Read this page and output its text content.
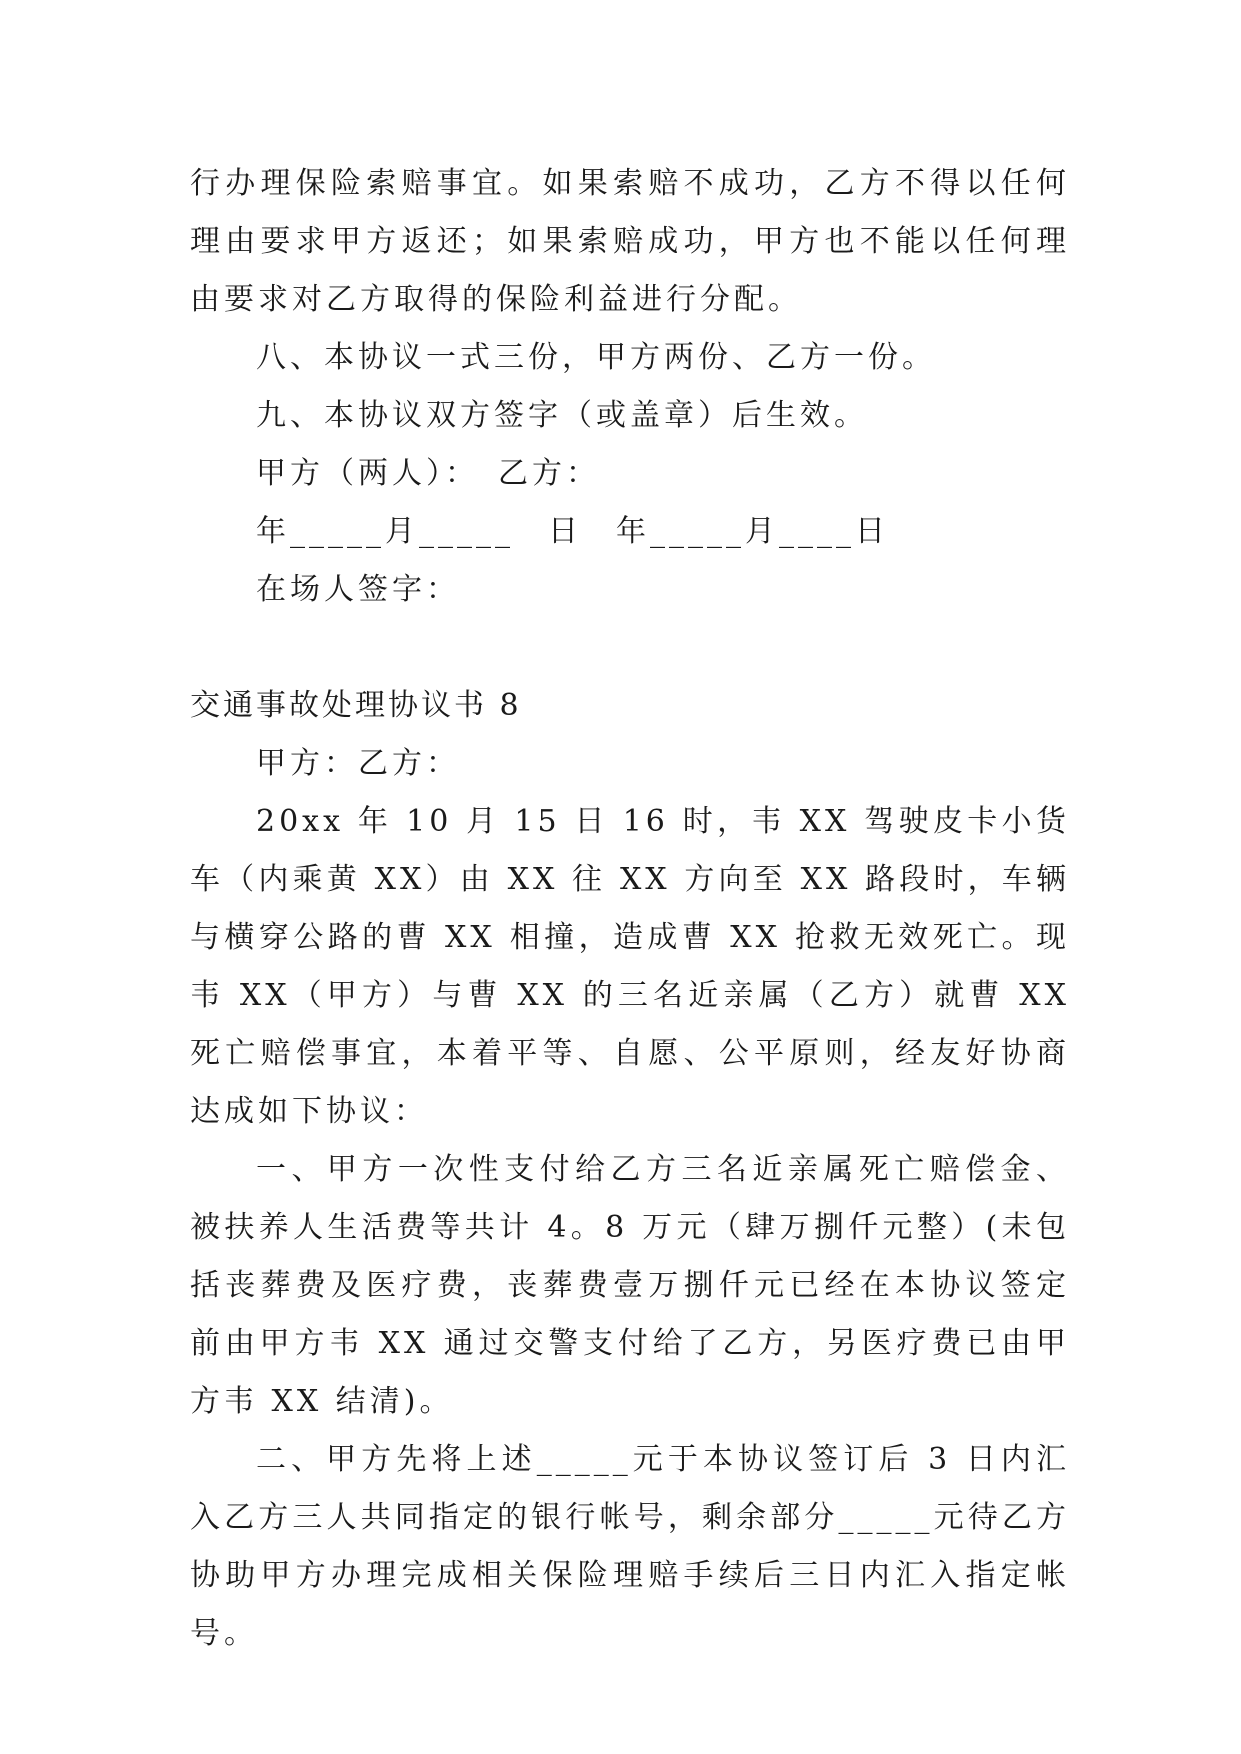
行办理保险索赔事宜。如果索赔不成功，乙方不得以任何理由要求甲方返还；如果索赔成功，甲方也不能以任何理由要求对乙方取得的保险利益进行分配。

八、本协议一式三份，甲方两份、乙方一份。

九、本协议双方签字（或盖章）后生效。

甲方（两人）：　乙方：

年_____月_____　日　年_____月____日

在场人签字：

交通事故处理协议书 8

甲方：乙方：

20xx 年 10 月 15 日 16 时，韦 XX 驾驶皮卡小货车（内乘黄 XX）由 XX 往 XX 方向至 XX 路段时，车辆与横穿公路的曹 XX 相撞，造成曹 XX 抢救无效死亡。现韦 XX（甲方）与曹 XX 的三名近亲属（乙方）就曹 XX 死亡赔偿事宜，本着平等、自愿、公平原则，经友好协商达成如下协议：

一、甲方一次性支付给乙方三名近亲属死亡赔偿金、被扶养人生活费等共计 4。8 万元（肆万捌仟元整）(未包括丧葬费及医疗费，丧葬费壹万捌仟元已经在本协议签定前由甲方韦 XX 通过交警支付给了乙方，另医疗费已由甲方韦 XX 结清)。

二、甲方先将上述_____元于本协议签订后 3 日内汇入乙方三人共同指定的银行帐号，剩余部分_____元待乙方协助甲方办理完成相关保险理赔手续后三日内汇入指定帐号。
